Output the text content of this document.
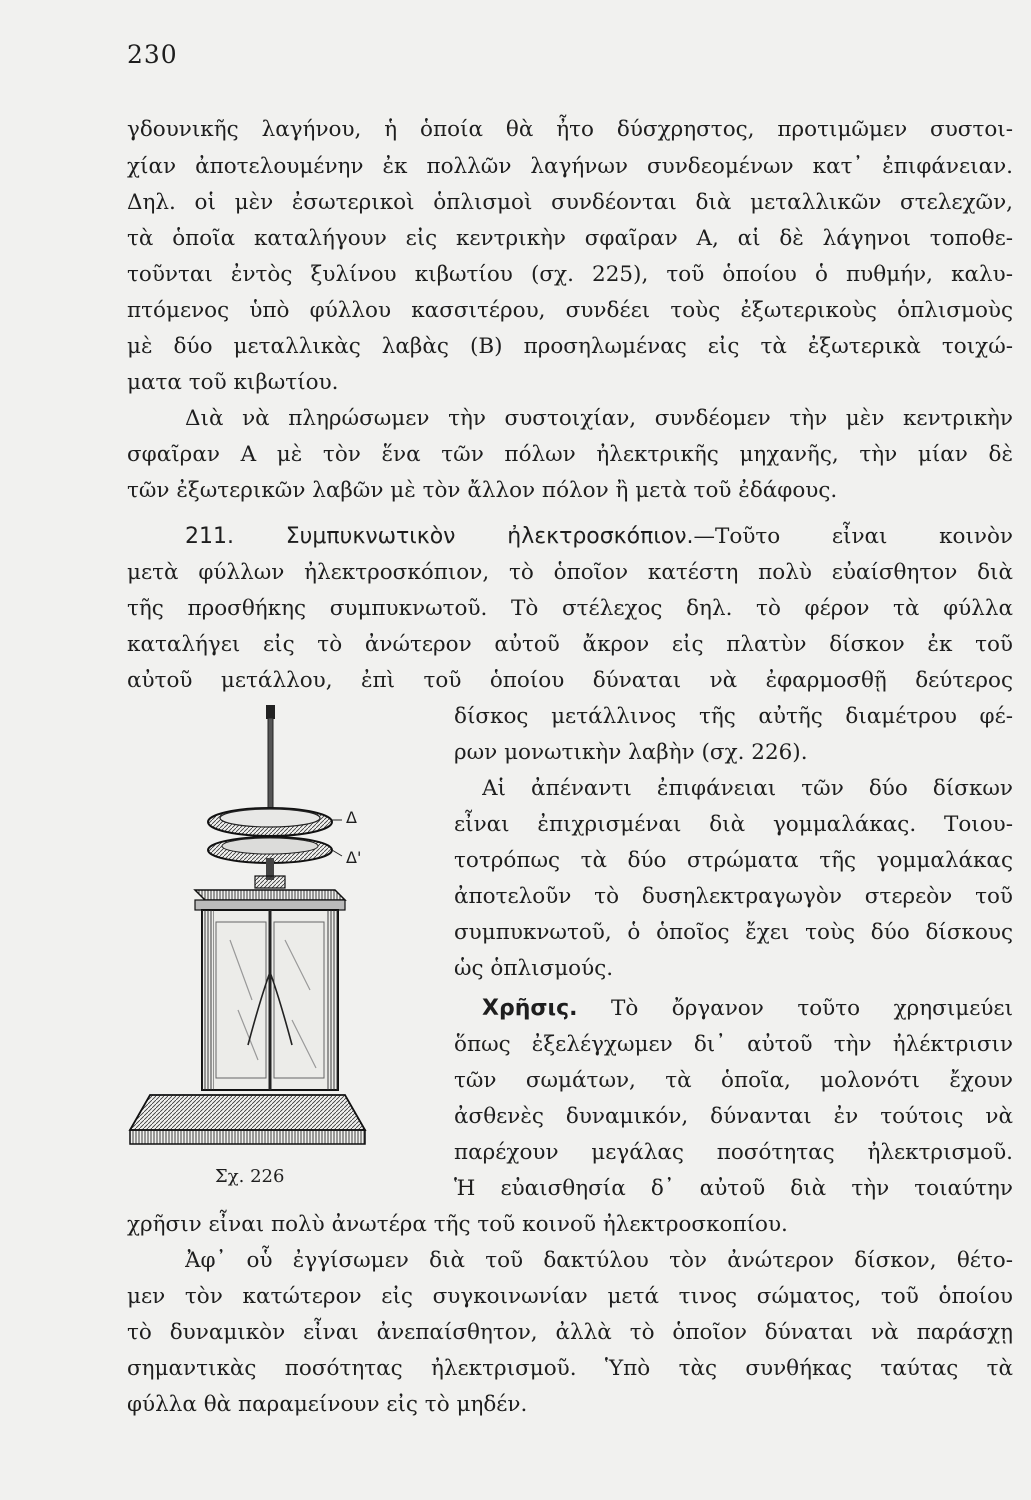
230
γδουνικῆς λαγήνου, ἡ ὁποία θὰ ἦτο δύσχρηστος, προτιμῶμεν συστοι-
χίαν ἀποτελουμένην ἐκ πολλῶν λαγήνων συνδεομένων κατ᾽ ἐπιφάνειαν.
Δηλ. οἱ μὲν ἐσωτερικοὶ ὁπλισμοὶ συνδέονται διὰ μεταλλικῶν στελεχῶν,
τὰ ὁποῖα καταλήγουν εἰς κεντρικὴν σφαῖραν Α, αἱ δὲ λάγηνοι τοποθε-
τοῦνται ἐντὸς ξυλίνου κιβωτίου (σχ. 225), τοῦ ὁποίου ὁ πυθμήν, καλυ-
πτόμενος ὑπὸ φύλλου κασσιτέρου, συνδέει τοὺς ἐξωτερικοὺς ὁπλισμοὺς
μὲ δύο μεταλλικὰς λαβὰς (Β) προσηλωμένας εἰς τὰ ἐξωτερικὰ τοιχώ-
ματα τοῦ κιβωτίου.
Διὰ νὰ πληρώσωμεν τὴν συστοιχίαν, συνδέομεν τὴν μὲν κεντρικὴν
σφαῖραν Α μὲ τὸν ἕνα τῶν πόλων ἠλεκτρικῆς μηχανῆς, τὴν μίαν δὲ
τῶν ἐξωτερικῶν λαβῶν μὲ τὸν ἄλλον πόλον ἢ μετὰ τοῦ ἐδάφους.
211. Συμπυκνωτικὸν ἠλεκτροσκόπιον.—Τοῦτο εἶναι κοινὸν
μετὰ φύλλων ἠλεκτροσκόπιον, τὸ ὁποῖον κατέστη πολὺ εὐαίσθητον διὰ
τῆς προσθήκης συμπυκνωτοῦ. Τὸ στέλεχος δηλ. τὸ φέρον τὰ φύλλα
καταλήγει εἰς τὸ ἀνώτερον αὐτοῦ ἄκρον εἰς πλατὺν δίσκον ἐκ τοῦ
αὐτοῦ μετάλλου, ἐπὶ τοῦ ὁποίου δύναται νὰ ἐφαρμοσθῇ δεύτερος
δίσκος μετάλλινος τῆς αὐτῆς διαμέτρου φέ-
ρων μονωτικὴν λαβὴν (σχ. 226).
Αἱ ἀπέναντι ἐπιφάνειαι τῶν δύο δίσκων
εἶναι ἐπιχρισμέναι διὰ γομμαλάκας. Τοιου-
τοτρόπως τὰ δύο στρώματα τῆς γομμαλάκας
ἀποτελοῦν τὸ δυσηλεκτραγωγὸν στερεὸν τοῦ
συμπυκνωτοῦ, ὁ ὁποῖος ἔχει τοὺς δύο δίσκους
ὡς ὁπλισμούς.
Χρῆσις. Τὸ ὄργανον τοῦτο χρησιμεύει
ὅπως ἐξελέγχωμεν δι᾽ αὐτοῦ τὴν ἠλέκτρισιν
τῶν σωμάτων, τὰ ὁποῖα, μολονότι ἔχουν
ἀσθενὲς δυναμικόν, δύνανται ἐν τούτοις νὰ
παρέχουν μεγάλας ποσότητας ἠλεκτρισμοῦ.
Ἡ εὐαισθησία δ᾽ αὐτοῦ διὰ τὴν τοιαύτην
χρῆσιν εἶναι πολὺ ἀνωτέρα τῆς τοῦ κοινοῦ ἠλεκτροσκοπίου.
Ἀφ᾽ οὗ ἐγγίσωμεν διὰ τοῦ δακτύλου τὸν ἀνώτερον δίσκον, θέτο-
μεν τὸν κατώτερον εἰς συγκοινωνίαν μετά τινος σώματος, τοῦ ὁποίου
τὸ δυναμικὸν εἶναι ἀνεπαίσθητον, ἀλλὰ τὸ ὁποῖον δύναται νὰ παράσχῃ
σημαντικὰς ποσότητας ἠλεκτρισμοῦ. Ὑπὸ τὰς συνθήκας ταύτας τὰ
φύλλα θὰ παραμείνουν εἰς τὸ μηδέν.
Δ
Δ'
Σχ. 226
